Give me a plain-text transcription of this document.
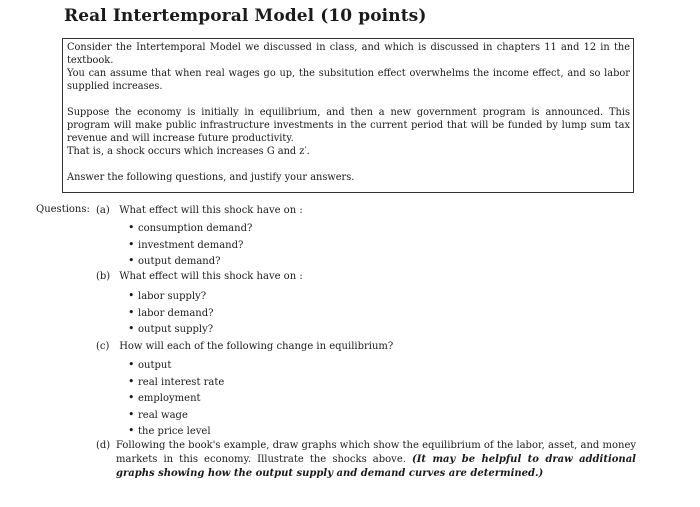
Real Intertemporal Model (10 points)

Consider the Intertemporal Model we discussed in class, and which is discussed in chapters 11 and 12 in the textbook.

You can assume that when real wages go up, the subsitution effect overwhelms the income effect, and so labor supplied increases.

Suppose the economy is initially in equilibrium, and then a new government program is announced. This program will make public infrastructure investments in the current period that will be funded by lump sum tax revenue and will increase future productivity.

That is, a shock occurs which increases G and z′.

Answer the following questions, and justify your answers.

Questions: (a) What effect will this shock have on :
• consumption demand?
• investment demand?
• output demand?
(b) What effect will this shock have on :
• labor supply?
• labor demand?
• output supply?
(c) How will each of the following change in equilibrium?
• output
• real interest rate
• employment
• real wage
• the price level
(d) Following the book's example, draw graphs which show the equilibrium of the labor, asset, and money markets in this economy. Illustrate the shocks above. (It may be helpful to draw additional graphs showing how the output supply and demand curves are determined.)
